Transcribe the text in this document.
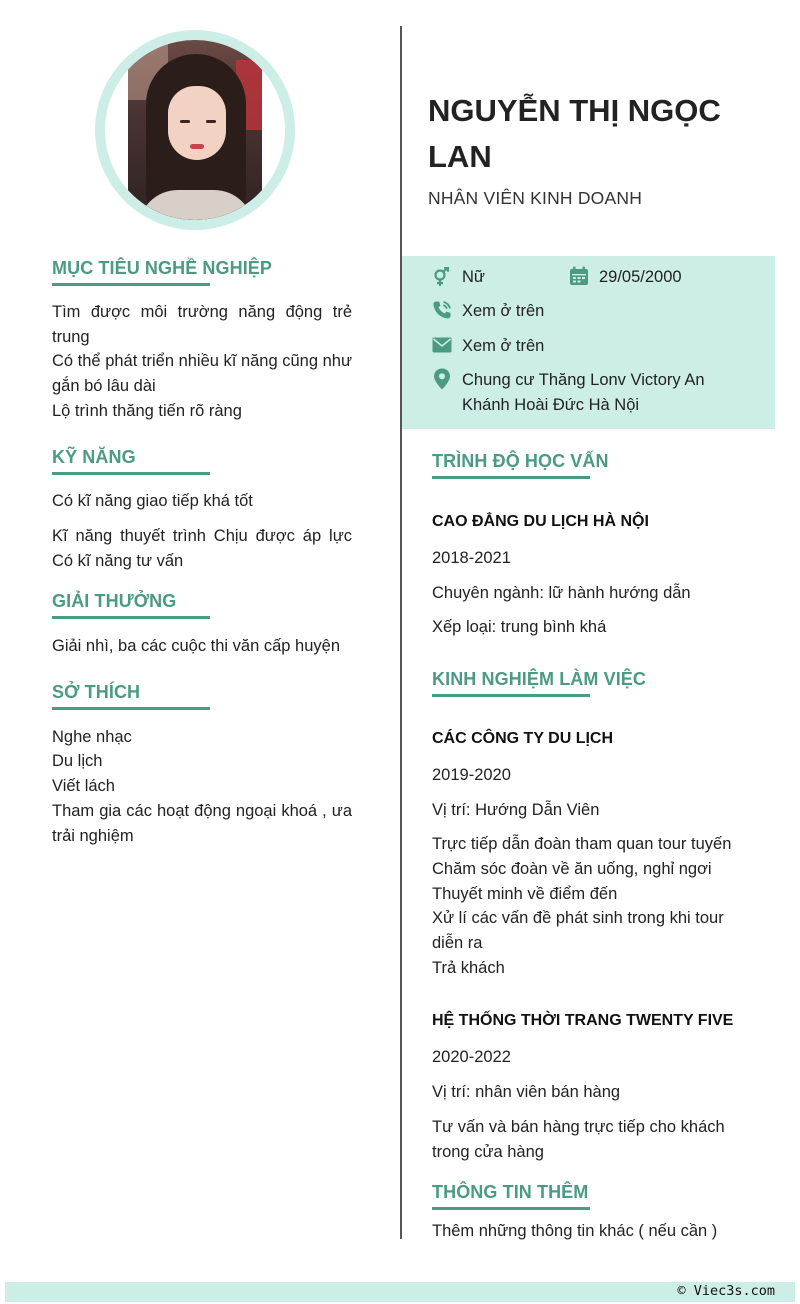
MỤC TIÊU NGHỀ NGHIỆP
Tìm được môi trường năng động trẻ trung
Có thể phát triển nhiều kĩ năng cũng như gắn bó lâu dài
Lộ trình thăng tiến rõ ràng
KỸ NĂNG
Có kĩ năng giao tiếp khá tốt
Kĩ năng thuyết trình Chịu được áp lực Có kĩ năng tư vấn
GIẢI THƯỞNG
Giải nhì, ba các cuộc thi văn cấp huyện
SỞ THÍCH
Nghe nhạc
Du lịch
Viết lách
Tham gia các hoạt động ngoại khoá , ưa trải nghiệm
NGUYỄN THỊ NGỌC LAN
NHÂN VIÊN KINH DOANH
Nữ	29/05/2000
Xem ở trên
Xem ở trên
Chung cư Thăng Lonv Victory An Khánh Hoài Đức Hà Nội
TRÌNH ĐỘ HỌC VẤN
CAO ĐẲNG DU LỊCH HÀ NỘI
2018-2021
Chuyên ngành: lữ hành hướng dẫn
Xếp loại: trung bình khá
KINH NGHIỆM LÀM VIỆC
CÁC CÔNG TY DU LỊCH
2019-2020
Vị trí: Hướng Dẫn Viên
Trực tiếp dẫn đoàn tham quan tour tuyến
Chăm sóc đoàn về ăn uống, nghỉ ngơi
Thuyết minh về điểm đến
Xử lí các vấn đề phát sinh trong khi tour diễn ra
Trả khách
HỆ THỐNG THỜI TRANG TWENTY FIVE
2020-2022
Vị trí: nhân viên bán hàng
Tư vấn và bán hàng trực tiếp cho khách trong cửa hàng
THÔNG TIN THÊM
Thêm những thông tin khác ( nếu cần )
© Viec3s.com
